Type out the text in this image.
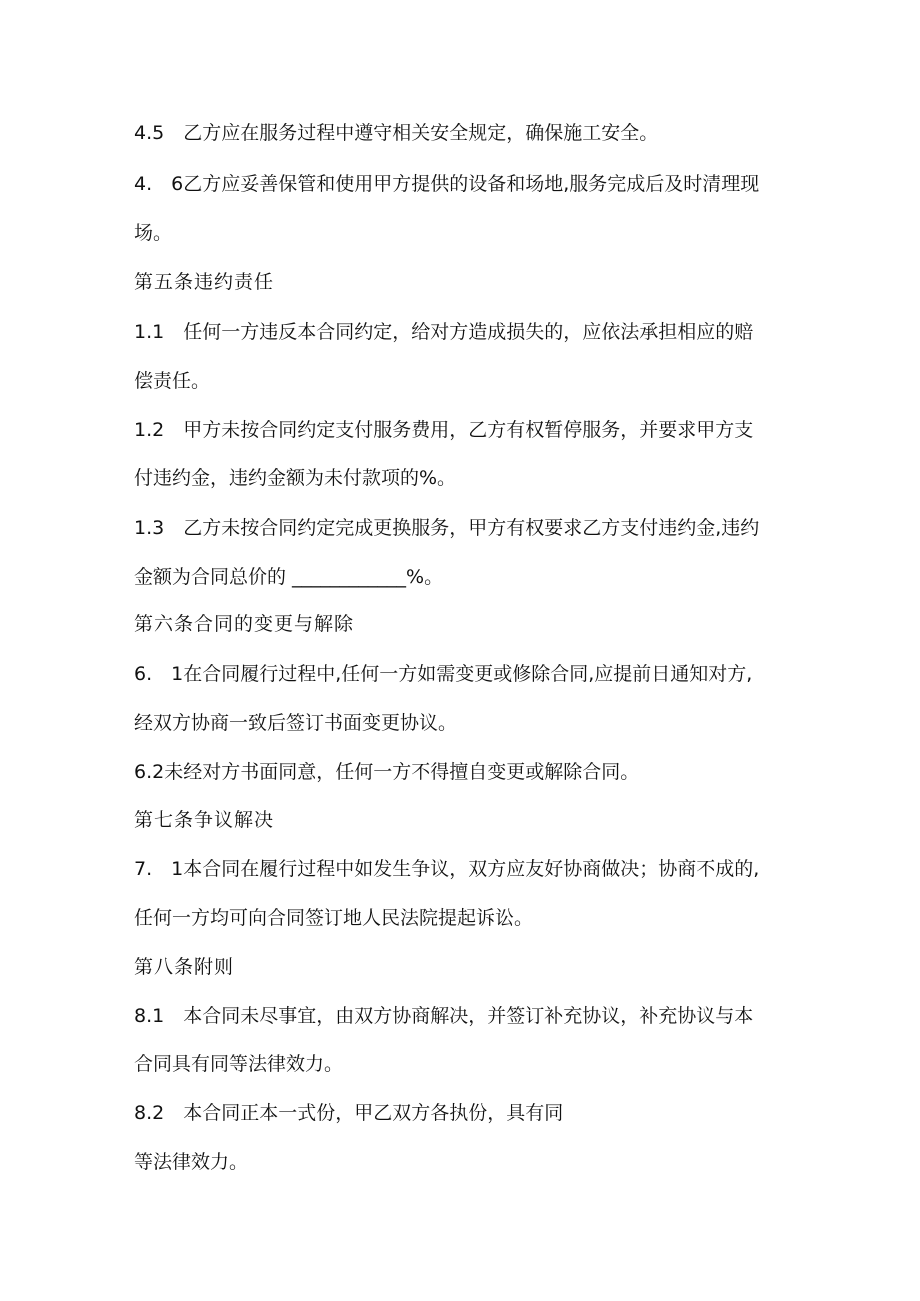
4.5　乙方应在服务过程中遵守相关安全规定，确保施工安全。
4.　6乙方应妥善保管和使用甲方提供的设备和场地,服务完成后及时清理现
场。
第五条违约责任
1.1　任何一方违反本合同约定，给对方造成损失的，应依法承担相应的赔
偿责任。
1.2　甲方未按合同约定支付服务费用，乙方有权暂停服务，并要求甲方支
付违约金，违约金额为未付款项的%。
1.3　乙方未按合同约定完成更换服务，甲方有权要求乙方支付违约金,违约
金额为合同总价的 ____________%。
第六条合同的变更与解除
6.　1在合同履行过程中,任何一方如需变更或修除合同,应提前日通知对方,
经双方协商一致后签订书面变更协议。
6.2未经对方书面同意，任何一方不得擅自变更或解除合同。
第七条争议解决
7.　1本合同在履行过程中如发生争议，双方应友好协商做决；协商不成的,
任何一方均可向合同签订地人民法院提起诉讼。
第八条附则
8.1　本合同未尽事宜，由双方协商解决，并签订补充协议，补充协议与本
合同具有同等法律效力。
8.2　本合同正本一式份，甲乙双方各执份，具有同
等法律效力。
